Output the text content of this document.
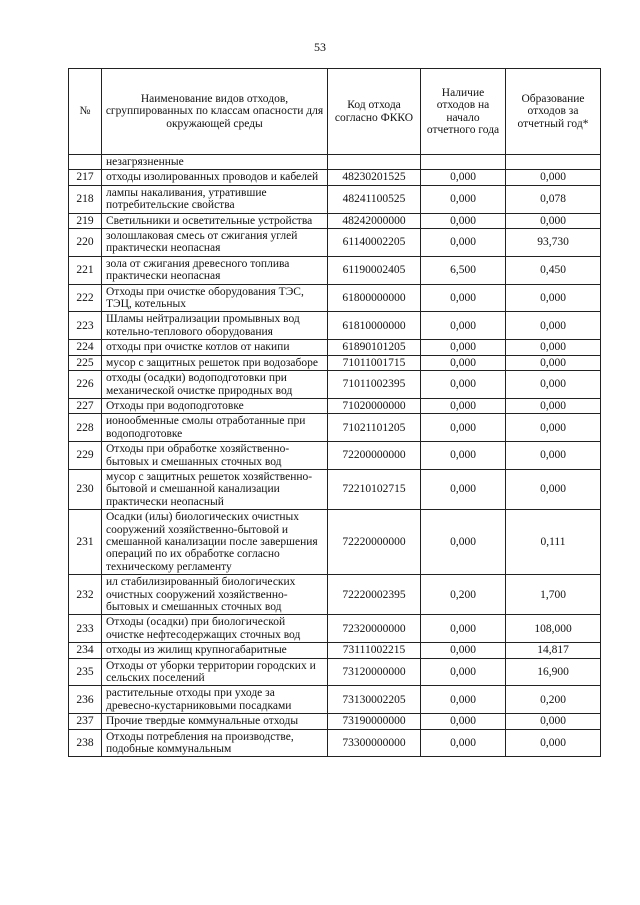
53
№	Наименование видов отходов, сгруппированных по классам опасности для окружающей среды	Код отхода согласно ФККО	Наличие отходов на начало отчетного года	Образование отходов за отчетный год*
	незагрязненные			
217	отходы изолированных проводов и кабелей	48230201525	0,000	0,000
218	лампы накаливания, утратившие потребительские свойства	48241100525	0,000	0,078
219	Светильники и осветительные устройства	48242000000	0,000	0,000
220	золошлаковая смесь от сжигания углей практически неопасная	61140002205	0,000	93,730
221	зола от сжигания древесного топлива практически неопасная	61190002405	6,500	0,450
222	Отходы при очистке оборудования ТЭС, ТЭЦ, котельных	61800000000	0,000	0,000
223	Шламы нейтрализации промывных вод котельно-теплового оборудования	61810000000	0,000	0,000
224	отходы при очистке котлов от накипи	61890101205	0,000	0,000
225	мусор с защитных решеток при водозаборе	71011001715	0,000	0,000
226	отходы (осадки) водоподготовки при механической очистке природных вод	71011002395	0,000	0,000
227	Отходы при водоподготовке	71020000000	0,000	0,000
228	ионообменные смолы отработанные при водоподготовке	71021101205	0,000	0,000
229	Отходы при обработке хозяйственно-бытовых и смешанных сточных вод	72200000000	0,000	0,000
230	мусор с защитных решеток хозяйственно-бытовой и смешанной канализации практически неопасный	72210102715	0,000	0,000
231	Осадки (илы) биологических очистных сооружений хозяйственно-бытовой и смешанной канализации после завершения операций по их обработке согласно техническому регламенту	72220000000	0,000	0,111
232	ил стабилизированный биологических очистных сооружений хозяйственно-бытовых и смешанных сточных вод	72220002395	0,200	1,700
233	Отходы (осадки) при биологической очистке нефтесодержащих сточных вод	72320000000	0,000	108,000
234	отходы из жилищ крупногабаритные	73111002215	0,000	14,817
235	Отходы от уборки территории городских и сельских поселений	73120000000	0,000	16,900
236	растительные отходы при уходе за древесно-кустарниковыми посадками	73130002205	0,000	0,200
237	Прочие твердые коммунальные отходы	73190000000	0,000	0,000
238	Отходы потребления на производстве, подобные коммунальным	73300000000	0,000	0,000
